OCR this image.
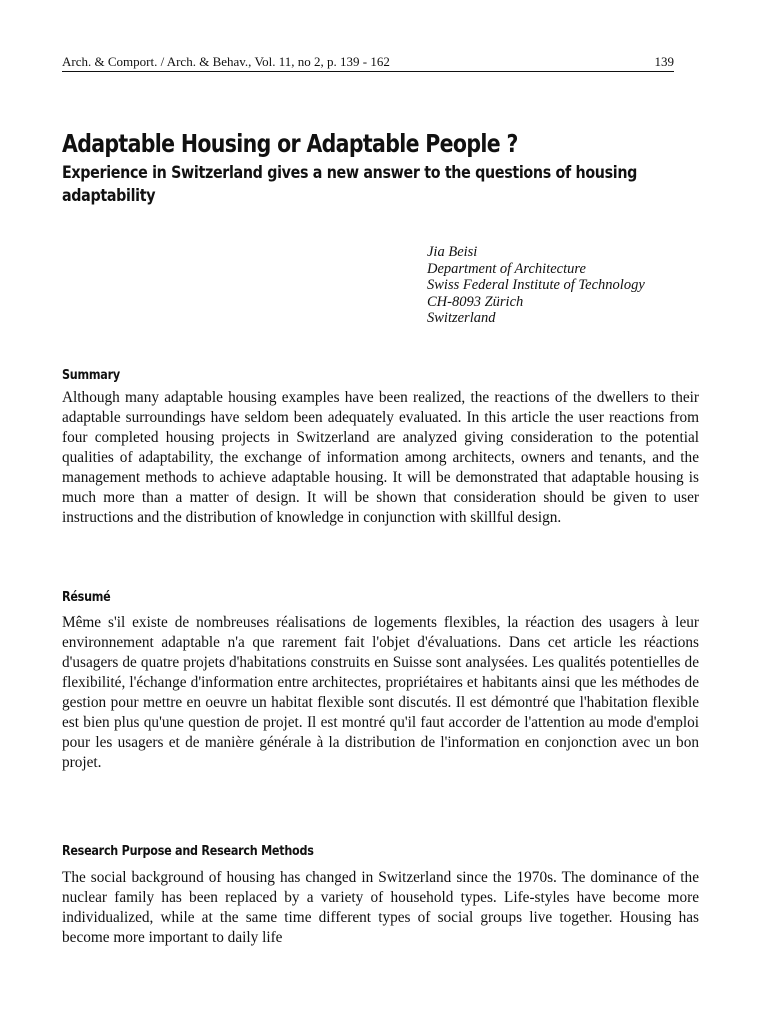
Arch. & Comport. / Arch. & Behav., Vol. 11, no 2, p. 139 - 162	139
Adaptable Housing or Adaptable People ?
Experience in Switzerland gives a new answer to the questions of housing adaptability
Jia Beisi
Department of Architecture
Swiss Federal Institute of Technology
CH-8093 Zürich
Switzerland
Summary

Although many adaptable housing examples have been realized, the reactions of the dwellers to their adaptable surroundings have seldom been adequately evaluated. In this article the user reactions from four completed housing projects in Switzerland are analyzed giving consideration to the potential qualities of adaptability, the exchange of information among architects, owners and tenants, and the management methods to achieve adaptable housing. It will be demonstrated that adaptable housing is much more than a matter of design. It will be shown that consideration should be given to user instructions and the distribution of knowledge in conjunction with skillful design.

Résumé

Même s'il existe de nombreuses réalisations de logements flexibles, la réaction des usagers à leur environnement adaptable n'a que rarement fait l'objet d'évaluations. Dans cet article les réactions d'usagers de quatre projets d'habitations construits en Suisse sont analysées. Les qualités potentielles de flexibilité, l'échange d'information entre architectes, propriétaires et habitants ainsi que les méthodes de gestion pour mettre en oeuvre un habitat flexible sont discutés. Il est démontré que l'habitation flexible est bien plus qu'une question de projet. Il est montré qu'il faut accorder de l'attention au mode d'emploi pour les usagers et de manière générale à la distribution de l'information en conjonction avec un bon projet.

Research Purpose and Research Methods

The social background of housing has changed in Switzerland since the 1970s. The dominance of the nuclear family has been replaced by a variety of household types. Life-styles have become more individualized, while at the same time different types of social groups live together. Housing has become more important to daily life
